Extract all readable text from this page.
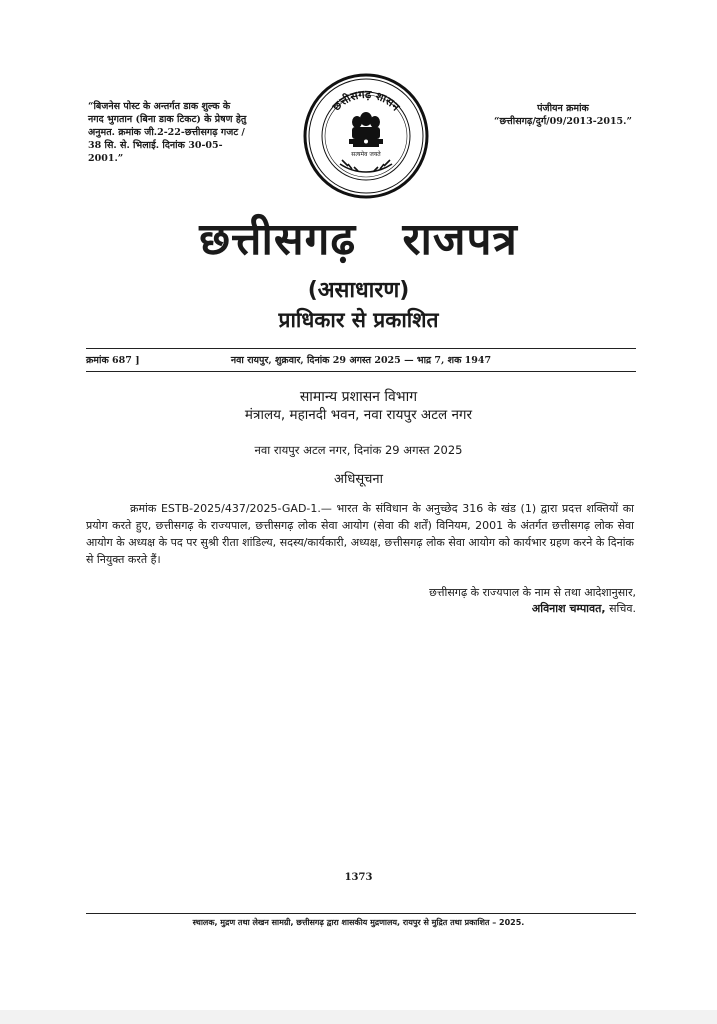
“बिजनेस पोस्ट के अन्तर्गत डाक शुल्क के नगद भुगतान (बिना डाक टिकट) के प्रेषण हेतु अनुमत. क्रमांक जी.2-22-छत्तीसगढ़ गजट / 38 सि. से. भिलाई. दिनांक 30-05-2001.”
पंजीयन क्रमांक
“छत्तीसगढ़/दुर्ग/09/2013-2015.”
छत्तीसगढ़ शासन
सत्यमेव जयते
छत्तीसगढ़ राजपत्र
(असाधारण)
प्राधिकार से प्रकाशित
क्रमांक 687 ]	नवा रायपुर, शुक्रवार, दिनांक 29 अगस्त 2025 — भाद्र 7, शक 1947
सामान्य प्रशासन विभाग
मंत्रालय, महानदी भवन, नवा रायपुर अटल नगर
नवा रायपुर अटल नगर, दिनांक 29 अगस्त 2025
अधिसूचना
क्रमांक ESTB-2025/437/2025-GAD-1.— भारत के संविधान के अनुच्छेद 316 के खंड (1) द्वारा प्रदत्त शक्तियों का प्रयोग करते हुए, छत्तीसगढ़ के राज्यपाल, छत्तीसगढ़ लोक सेवा आयोग (सेवा की शर्तें) विनियम, 2001 के अंतर्गत छत्तीसगढ़ लोक सेवा आयोग के अध्यक्ष के पद पर सुश्री रीता शांडिल्य, सदस्य/कार्यकारी, अध्यक्ष, छत्तीसगढ़ लोक सेवा आयोग को कार्यभार ग्रहण करने के दिनांक से नियुक्त करते हैं।
छत्तीसगढ़ के राज्यपाल के नाम से तथा आदेशानुसार,
अविनाश चम्पावत, सचिव.
1373
स्चालक, मुद्रण तथा लेखन सामग्री, छत्तीसगढ़ द्वारा शासकीय मुद्रणालय, रायपुर से मुद्रित तथा प्रकाशित – 2025.
